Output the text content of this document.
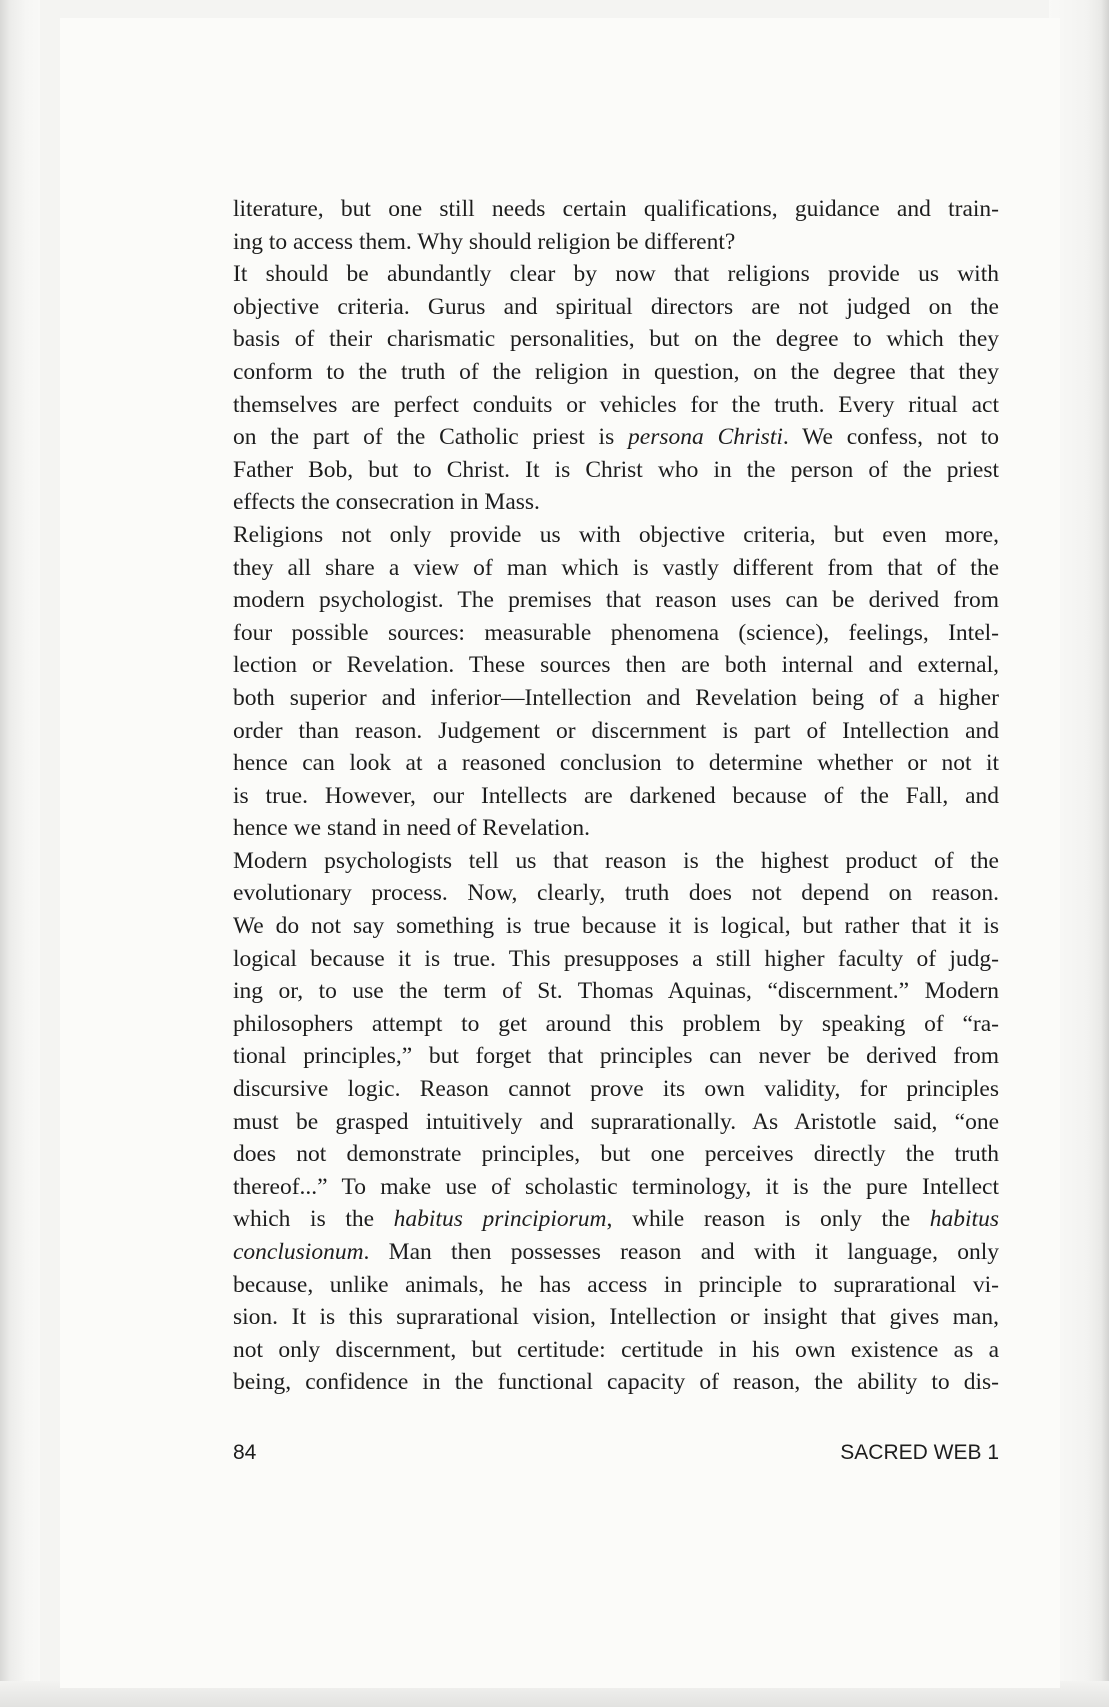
literature, but one still needs certain qualifications, guidance and train-
ing to access them. Why should religion be different?

It should be abundantly clear by now that religions provide us with
objective criteria. Gurus and spiritual directors are not judged on the
basis of their charismatic personalities, but on the degree to which they
conform to the truth of the religion in question, on the degree that they
themselves are perfect conduits or vehicles for the truth. Every ritual act
on the part of the Catholic priest is persona Christi. We confess, not to
Father Bob, but to Christ. It is Christ who in the person of the priest
effects the consecration in Mass.

Religions not only provide us with objective criteria, but even more,
they all share a view of man which is vastly different from that of the
modern psychologist. The premises that reason uses can be derived from
four possible sources: measurable phenomena (science), feelings, Intel-
lection or Revelation. These sources then are both internal and external,
both superior and inferior—Intellection and Revelation being of a higher
order than reason. Judgement or discernment is part of Intellection and
hence can look at a reasoned conclusion to determine whether or not it
is true. However, our Intellects are darkened because of the Fall, and
hence we stand in need of Revelation.

Modern psychologists tell us that reason is the highest product of the
evolutionary process. Now, clearly, truth does not depend on reason.
We do not say something is true because it is logical, but rather that it is
logical because it is true. This presupposes a still higher faculty of judg-
ing or, to use the term of St. Thomas Aquinas, “discernment.” Modern
philosophers attempt to get around this problem by speaking of “ra-
tional principles,” but forget that principles can never be derived from
discursive logic. Reason cannot prove its own validity, for principles
must be grasped intuitively and suprarationally. As Aristotle said, “one
does not demonstrate principles, but one perceives directly the truth
thereof...” To make use of scholastic terminology, it is the pure Intellect
which is the habitus principiorum, while reason is only the habitus
conclusionum. Man then possesses reason and with it language, only
because, unlike animals, he has access in principle to suprarational vi-
sion. It is this suprarational vision, Intellection or insight that gives man,
not only discernment, but certitude: certitude in his own existence as a
being, confidence in the functional capacity of reason, the ability to dis-

84	SACRED WEB 1
